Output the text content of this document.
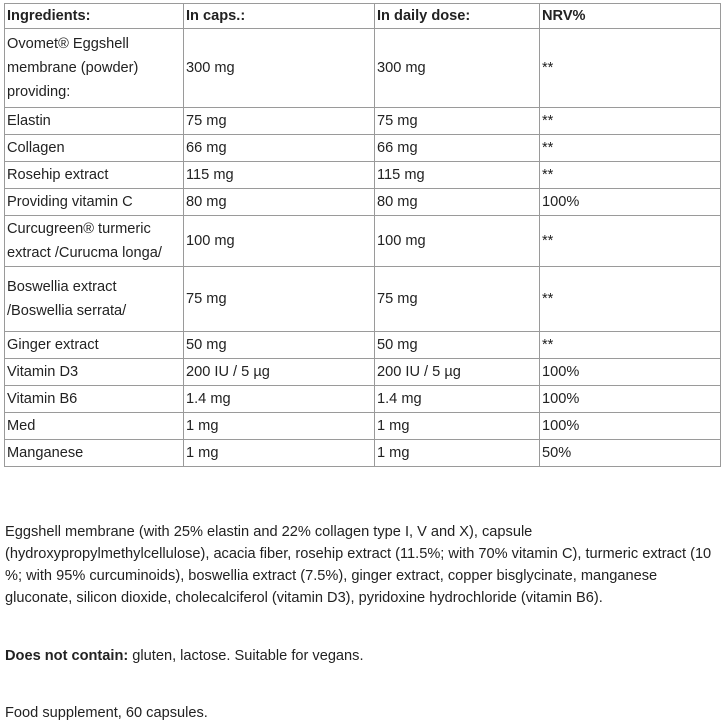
Ingredients:	In caps.:	In daily dose:	NRV%
Ovomet® Eggshell membrane (powder) providing:	300 mg	300 mg	**
Elastin	75 mg	75 mg	**
Collagen	66 mg	66 mg	**
Rosehip extract	115 mg	115 mg	**
Providing vitamin C	80 mg	80 mg	100%
Curcugreen® turmeric extract /Curucma longa/	100 mg	100 mg	**
Boswellia extract /Boswellia serrata/	75 mg	75 mg	**
Ginger extract	50 mg	50 mg	**
Vitamin D3	200 IU / 5 µg	200 IU / 5 µg	100%
Vitamin B6	1.4 mg	1.4 mg	100%
Med	1 mg	1 mg	100%
Manganese	1 mg	1 mg	50%

Eggshell membrane (with 25% elastin and 22% collagen type I, V and X), capsule (hydroxypropylmethylcellulose), acacia fiber, rosehip extract (11.5%; with 70% vitamin C), turmeric extract (10 %; with 95% curcuminoids), boswellia extract (7.5%), ginger extract, copper bisglycinate, manganese gluconate, silicon dioxide, cholecalciferol (vitamin D3), pyridoxine hydrochloride (vitamin B6).

Does not contain: gluten, lactose. Suitable for vegans.

Food supplement, 60 capsules.
